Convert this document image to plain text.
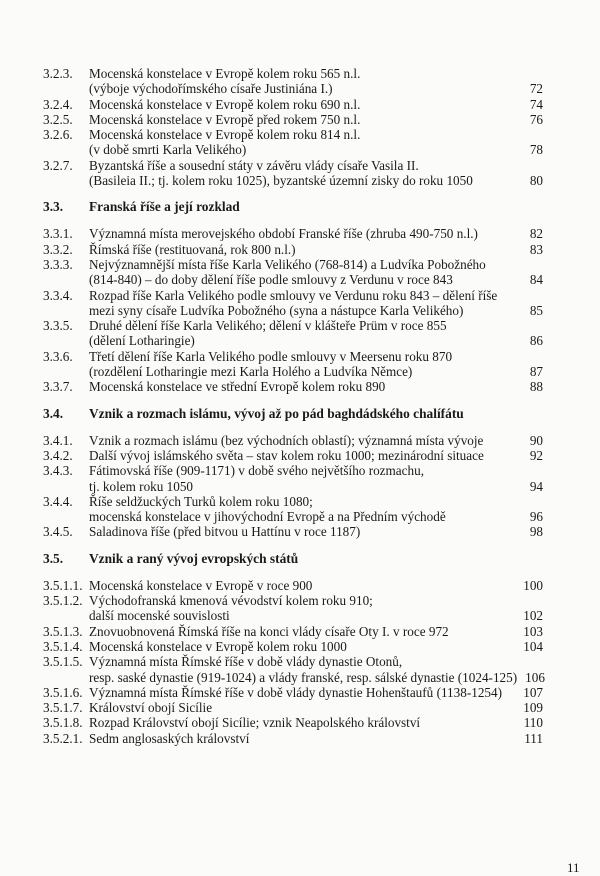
3.2.3.	Mocenská konstelace v Evropě kolem roku 565 n.l.
(výboje východořímského císaře Justiniána I.)	72
3.2.4.	Mocenská konstelace v Evropě kolem roku 690 n.l.	74
3.2.5.	Mocenská konstelace v Evropě před rokem 750 n.l.	76
3.2.6.	Mocenská konstelace v Evropě kolem roku 814 n.l.
(v době smrti Karla Velikého)	78
3.2.7.	Byzantská říše a sousední státy v závěru vlády císaře Vasila II.
(Basileia II.; tj. kolem roku 1025), byzantské územní zisky do roku 1050	80
3.3.	Franská říše a její rozklad
3.3.1.	Významná místa merovejského období Franské říše (zhruba 490-750 n.l.)	82
3.3.2.	Římská říše (restituovaná, rok 800 n.l.)	83
3.3.3.	Nejvýznamnější místa říše Karla Velikého (768-814) a Ludvíka Pobožného
(814-840) – do doby dělení říše podle smlouvy z Verdunu v roce 843	84
3.3.4.	Rozpad říše Karla Velikého podle smlouvy ve Verdunu roku 843 – dělení říše
mezi syny císaře Ludvíka Pobožného (syna a nástupce Karla Velikého)	85
3.3.5.	Druhé dělení říše Karla Velikého; dělení v klášteře Prüm v roce 855
(dělení Lotharingie)	86
3.3.6.	Třetí dělení říše Karla Velikého podle smlouvy v Meersenu roku 870
(rozdělení Lotharingie mezi Karla Holého a Ludvíka Němce)	87
3.3.7.	Mocenská konstelace ve střední Evropě kolem roku 890	88
3.4.	Vznik a rozmach islámu, vývoj až po pád baghdádského chalífátu
3.4.1.	Vznik a rozmach islámu (bez východních oblastí); významná místa vývoje	90
3.4.2.	Další vývoj islámského světa – stav kolem roku 1000; mezinárodní situace	92
3.4.3.	Fátimovská říše (909-1171) v době svého největšího rozmachu,
tj. kolem roku 1050	94
3.4.4.	Říše seldžuckých Turků kolem roku 1080;
mocenská konstelace v jihovýchodní Evropě a na Předním východě	96
3.4.5.	Saladinova říše (před bitvou u Hattínu v roce 1187)	98
3.5.	Vznik a raný vývoj evropských států
3.5.1.1. Mocenská konstelace v Evropě v roce 900	100
3.5.1.2. Východofranská kmenová vévodství kolem roku 910;
další mocenské souvislosti	102
3.5.1.3. Znovuobnovená Římská říše na konci vlády císaře Oty I. v roce 972	103
3.5.1.4. Mocenská konstelace v Evropě kolem roku 1000	104
3.5.1.5. Významná místa Římské říše v době vlády dynastie Otonů,
resp. saské dynastie (919-1024) a vlády franské, resp. sálské dynastie (1024-125) 106
3.5.1.6. Významná místa Římské říše v době vlády dynastie Hohenštaufů (1138-1254) 107
3.5.1.7. Království obojí Sicílie	109
3.5.1.8. Rozpad Království obojí Sicílie; vznik Neapolského království	110
3.5.2.1. Sedm anglosaských království	111
11
